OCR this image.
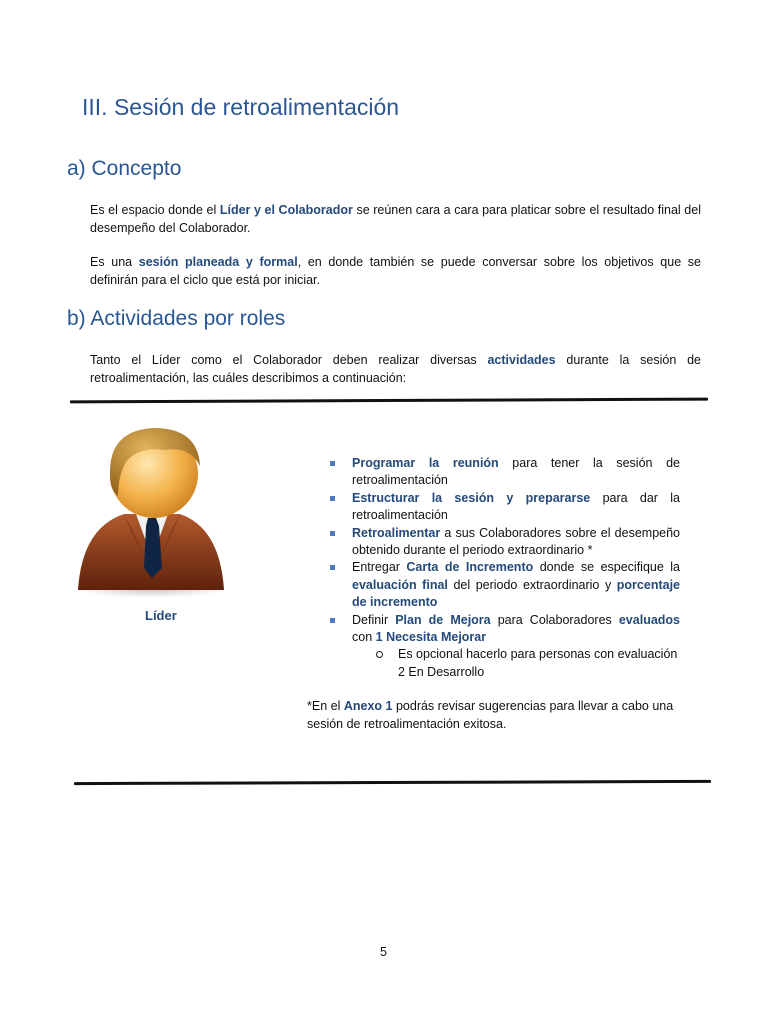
III. Sesión de retroalimentación
a) Concepto

Es el espacio donde el Líder y el Colaborador se reúnen cara a cara para platicar sobre el resultado final del desempeño del Colaborador.

Es una sesión planeada y formal, en donde también se puede conversar sobre los objetivos que se definirán para el ciclo que está por iniciar.

b) Actividades por roles

Tanto el Líder como el Colaborador deben realizar diversas actividades durante la sesión de retroalimentación, las cuáles describimos a continuación:

Líder
Programar la reunión para tener la sesión de retroalimentación
Estructurar la sesión y prepararse para dar la retroalimentación
Retroalimentar a sus Colaboradores sobre el desempeño obtenido durante el periodo extraordinario *
Entregar Carta de Incremento donde se especifique la evaluación final del periodo extraordinario y porcentaje de incremento
Definir Plan de Mejora para Colaboradores evaluados con 1 Necesita Mejorar
Es opcional hacerlo para personas con evaluación 2 En Desarrollo

*En el Anexo 1 podrás revisar sugerencias para llevar a cabo una sesión de retroalimentación exitosa.

5
